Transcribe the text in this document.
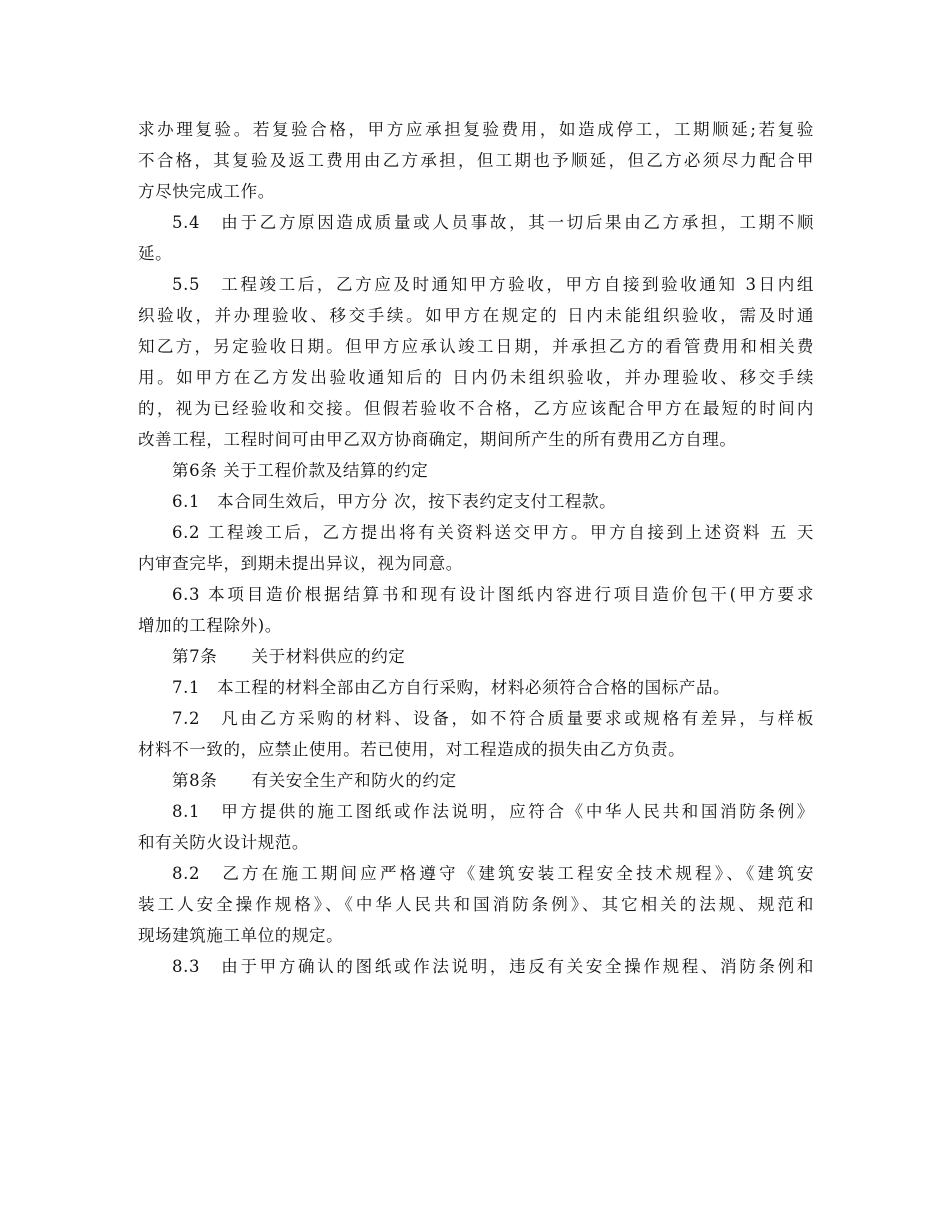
求办理复验。若复验合格，甲方应承担复验费用，如造成停工，工期顺延;若复验
不合格，其复验及返工费用由乙方承担，但工期也予顺延，但乙方必须尽力配合甲
方尽快完成工作。
5.4　由于乙方原因造成质量或人员事故，其一切后果由乙方承担，工期不顺
延。
5.5　工程竣工后，乙方应及时通知甲方验收，甲方自接到验收通知 3日内组
织验收，并办理验收、移交手续。如甲方在规定的 日内未能组织验收，需及时通
知乙方，另定验收日期。但甲方应承认竣工日期，并承担乙方的看管费用和相关费
用。如甲方在乙方发出验收通知后的 日内仍未组织验收，并办理验收、移交手续
的，视为已经验收和交接。但假若验收不合格，乙方应该配合甲方在最短的时间内
改善工程，工程时间可由甲乙双方协商确定，期间所产生的所有费用乙方自理。
第6条 关于工程价款及结算的约定
6.1　本合同生效后，甲方分 次，按下表约定支付工程款。
6.2 工程竣工后，乙方提出将有关资料送交甲方。甲方自接到上述资料 五 天
内审查完毕，到期未提出异议，视为同意。
6.3 本项目造价根据结算书和现有设计图纸内容进行项目造价包干(甲方要求
增加的工程除外)。
第7条　　关于材料供应的约定
7.1　本工程的材料全部由乙方自行采购，材料必须符合合格的国标产品。
7.2　凡由乙方采购的材料、设备，如不符合质量要求或规格有差异，与样板
材料不一致的，应禁止使用。若已使用，对工程造成的损失由乙方负责。
第8条　　有关安全生产和防火的约定
8.1　甲方提供的施工图纸或作法说明，应符合《中华人民共和国消防条例》
和有关防火设计规范。
8.2　乙方在施工期间应严格遵守《建筑安装工程安全技术规程》、《建筑安
装工人安全操作规格》、《中华人民共和国消防条例》、其它相关的法规、规范和
现场建筑施工单位的规定。
8.3　由于甲方确认的图纸或作法说明，违反有关安全操作规程、消防条例和
